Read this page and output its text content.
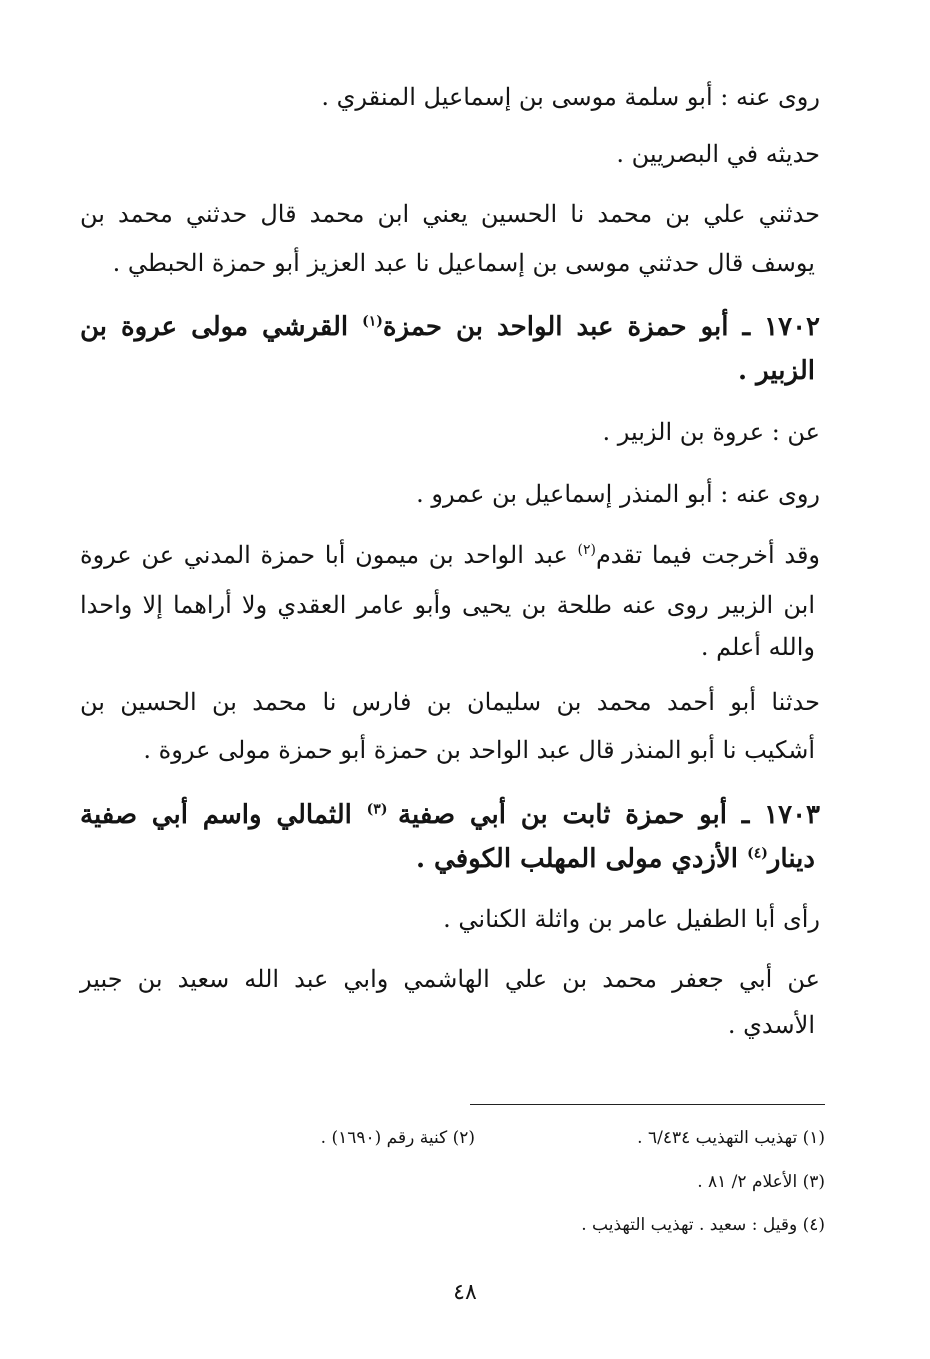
روى عنه : أبو سلمة موسى بن إسماعيل المنقري .
حديثه في البصريين .
حدثني علي بن محمد نا الحسين يعني ابن محمد قال حدثني محمد بن
يوسف قال حدثني موسى بن إسماعيل نا عبد العزيز أبو حمزة الحبطي .
١٧٠٢ ـ أبو حمزة عبد الواحد بن حمزة$^{(١)}$ القرشي مولى عروة بن
الزبير .
عن : عروة بن الزبير .
روى عنه : أبو المنذر إسماعيل بن عمرو .
وقد أخرجت فيما تقدم$^{(٢)}$ عبد الواحد بن ميمون أبا حمزة المدني عن عروة
ابن الزبير روى عنه طلحة بن يحيى وأبو عامر العقدي ولا أراهما إلا واحدا
والله أعلم .
حدثنا أبو أحمد محمد بن سليمان بن فارس نا محمد بن الحسين بن
أشكيب نا أبو المنذر قال عبد الواحد بن حمزة أبو حمزة مولى عروة .
١٧٠٣ ـ أبو حمزة ثابت بن أبي صفية $^{(٣)}$ الثمالي واسم أبي صفية
دينار$^{(٤)}$ الأزدي مولى المهلب الكوفي .
رأى أبا الطفيل عامر بن واثلة الكناني .
عن أبي جعفر محمد بن علي الهاشمي وابي عبد الله سعيد بن جبير
الأسدي .
(١) تهذيب التهذيب ٦/٤٣٤ .
(٢) كنية رقم (١٦٩٠) .
(٣) الأعلام ٢/ ٨١ .
(٤) وقيل : سعيد . تهذيب التهذيب .
٤٨
